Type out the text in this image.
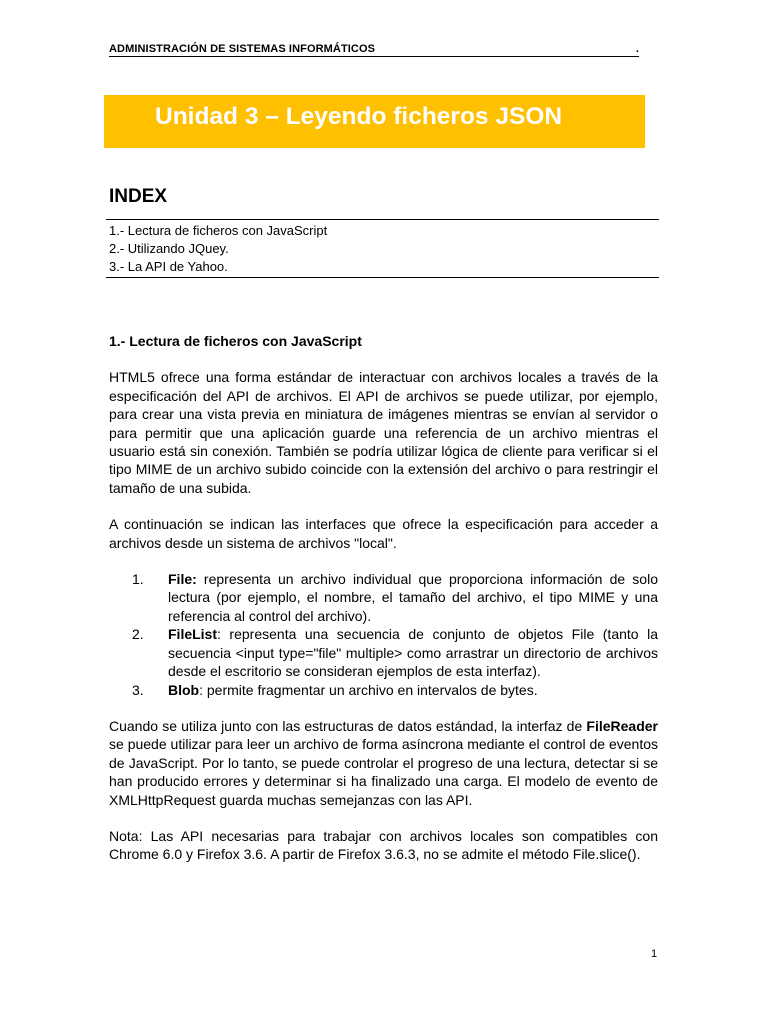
ADMINISTRACIÓN DE SISTEMAS INFORMÁTICOS	.
Unidad 3 – Leyendo ficheros JSON
INDEX
1.- Lectura de ficheros con JavaScript
2.- Utilizando JQuey.
3.- La API de Yahoo.
1.- Lectura de ficheros con JavaScript

HTML5 ofrece una forma estándar de interactuar con archivos locales a través de la especificación del API de archivos. El API de archivos se puede utilizar, por ejemplo, para crear una vista previa en miniatura de imágenes mientras se envían al servidor o para permitir que una aplicación guarde una referencia de un archivo mientras el usuario está sin conexión. También se podría utilizar lógica de cliente para verificar si el tipo MIME de un archivo subido coincide con la extensión del archivo o para restringir el tamaño de una subida.

A continuación se indican las interfaces que ofrece la especificación para acceder a archivos desde un sistema de archivos "local".

1. File: representa un archivo individual que proporciona información de solo lectura (por ejemplo, el nombre, el tamaño del archivo, el tipo MIME y una referencia al control del archivo).
2. FileList: representa una secuencia de conjunto de objetos File (tanto la secuencia <input type="file" multiple> como arrastrar un directorio de archivos desde el escritorio se consideran ejemplos de esta interfaz).
3. Blob: permite fragmentar un archivo en intervalos de bytes.

Cuando se utiliza junto con las estructuras de datos estándad, la interfaz de FileReader se puede utilizar para leer un archivo de forma asíncrona mediante el control de eventos de JavaScript. Por lo tanto, se puede controlar el progreso de una lectura, detectar si se han producido errores y determinar si ha finalizado una carga. El modelo de evento de XMLHttpRequest guarda muchas semejanzas con las API.

Nota: Las API necesarias para trabajar con archivos locales son compatibles con Chrome 6.0 y Firefox 3.6. A partir de Firefox 3.6.3, no se admite el método File.slice().

1
